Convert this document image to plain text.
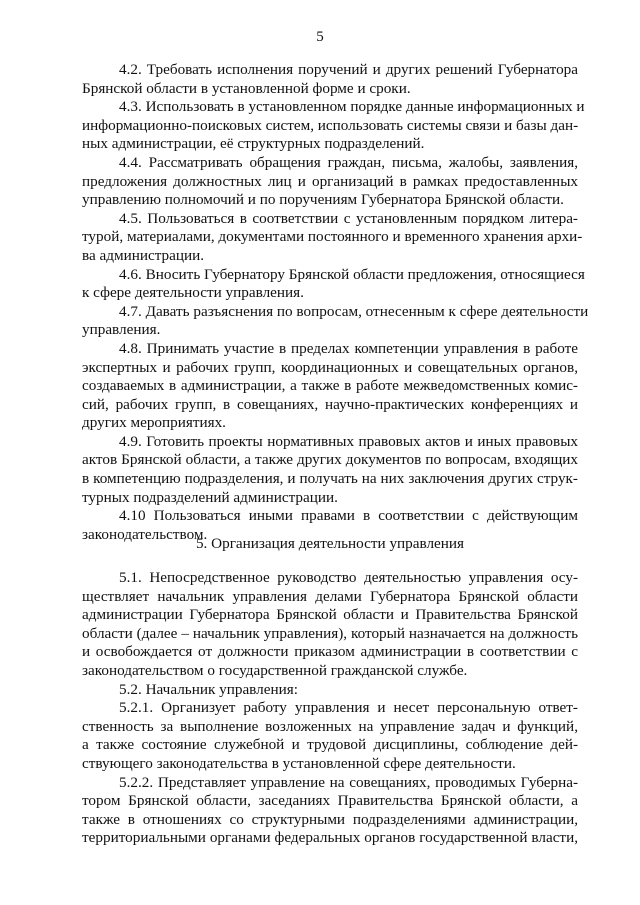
5
4.2. Требовать исполнения поручений и других решений Губернатора
Брянской области в установленной форме и сроки.
4.3. Использовать в установленном порядке данные информационных и
информационно-поисковых систем, использовать системы связи и базы дан-
ных администрации, её структурных подразделений.
4.4. Рассматривать обращения граждан, письма, жалобы, заявления,
предложения должностных лиц и организаций в рамках предоставленных
управлению полномочий и по поручениям Губернатора Брянской области.
4.5. Пользоваться в соответствии с установленным порядком литера-
турой, материалами, документами постоянного и временного хранения архи-
ва администрации.
4.6. Вносить Губернатору Брянской области предложения, относящиеся
к сфере деятельности управления.
4.7. Давать разъяснения по вопросам, отнесенным к сфере деятельности
управления.
4.8. Принимать участие в пределах компетенции управления в работе
экспертных и рабочих групп, координационных и совещательных органов,
создаваемых в администрации, а также в работе межведомственных комис-
сий, рабочих групп, в совещаниях, научно-практических конференциях и
других мероприятиях.
4.9. Готовить проекты нормативных правовых актов и иных правовых
актов Брянской области, а также других документов по вопросам, входящих
в компетенцию подразделения, и получать на них заключения других струк-
турных подразделений администрации.
4.10 Пользоваться иными правами в соответствии с действующим
законодательством.
5. Организация деятельности управления
5.1. Непосредственное руководство деятельностью управления осу-
ществляет начальник управления делами Губернатора Брянской области
администрации Губернатора Брянской области и Правительства Брянской
области (далее – начальник управления), который назначается на должность
и освобождается от должности приказом администрации в соответствии с
законодательством о государственной гражданской службе.
5.2. Начальник управления:
5.2.1. Организует работу управления и несет персональную ответ-
ственность за выполнение возложенных на управление задач и функций,
а также состояние служебной и трудовой дисциплины, соблюдение дей-
ствующего законодательства в установленной сфере деятельности.
5.2.2. Представляет управление на совещаниях, проводимых Губерна-
тором Брянской области, заседаниях Правительства Брянской области, а
также в отношениях со структурными подразделениями администрации,
территориальными органами федеральных органов государственной власти,
